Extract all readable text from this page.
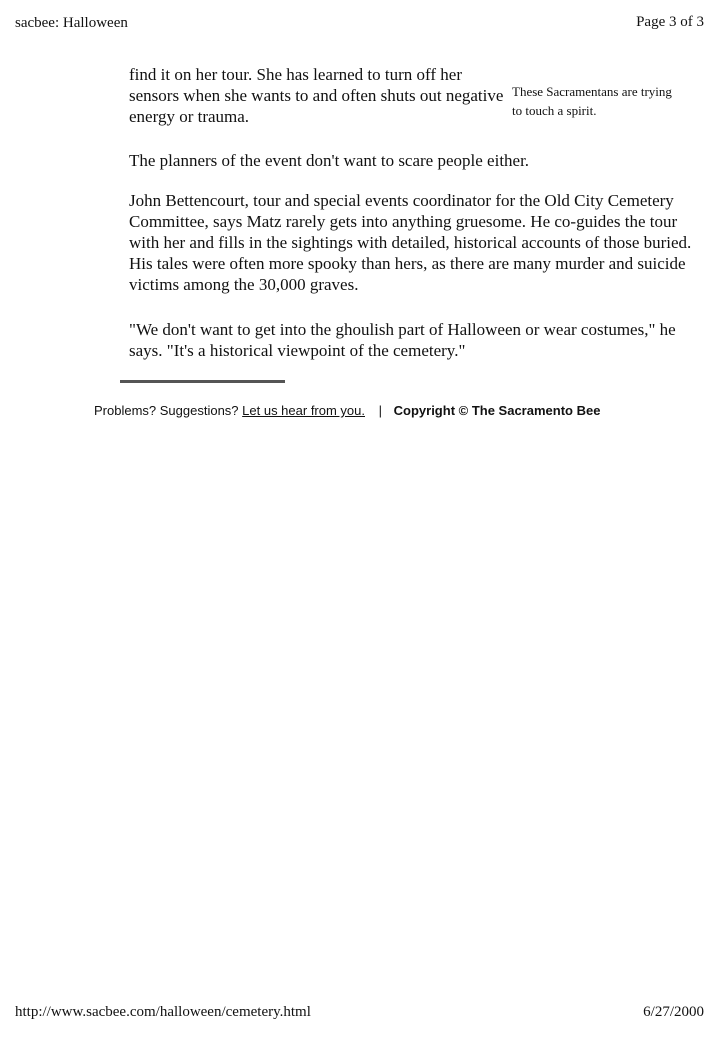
sacbee: Halloween	Page 3 of 3

find it on her tour. She has learned to turn off her sensors when she wants to and often shuts out negative energy or trauma.

These Sacramentans are trying to touch a spirit.

The planners of the event don't want to scare people either.

John Bettencourt, tour and special events coordinator for the Old City Cemetery Committee, says Matz rarely gets into anything gruesome. He co-guides the tour with her and fills in the sightings with detailed, historical accounts of those buried. His tales were often more spooky than hers, as there are many murder and suicide victims among the 30,000 graves.

"We don't want to get into the ghoulish part of Halloween or wear costumes," he says. "It's a historical viewpoint of the cemetery."

Problems? Suggestions? Let us hear from you. | Copyright © The Sacramento Bee
http://www.sacbee.com/halloween/cemetery.html	6/27/2000
